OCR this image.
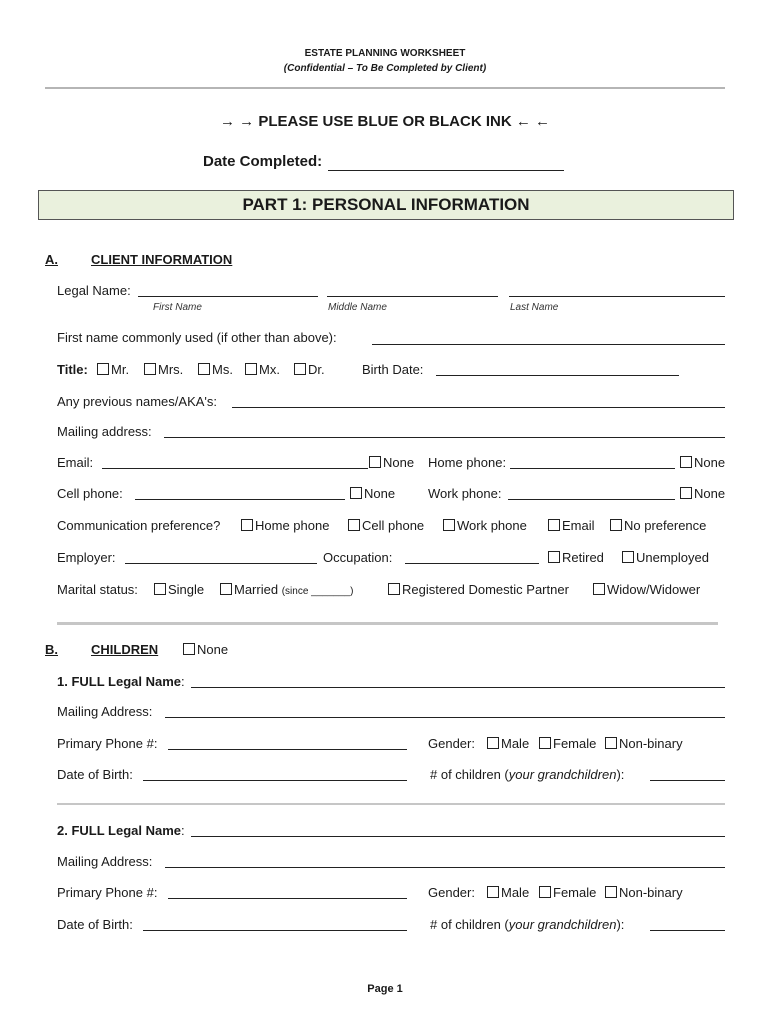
ESTATE PLANNING WORKSHEET
(Confidential – To Be Completed by Client)
→ → PLEASE USE BLUE OR BLACK INK ← ←
Date Completed:
PART 1: PERSONAL INFORMATION
A.	CLIENT INFORMATION
Legal Name:
First Name	Middle Name	Last Name
First name commonly used (if other than above):
Title:	Mr.	Mrs.	Ms.	Mx.	Dr.	Birth Date:
Any previous names/AKA's:
Mailing address:
Email:	None Home phone:	None
Cell phone:	None	Work phone:	None
Communication preference?	Home phone	Cell phone	Work phone	Email	No preference
Employer:	Occupation:	Retired	Unemployed
Marital status:	Single	Married (since _______)	Registered Domestic Partner	Widow/Widower
B.	CHILDREN	None
1. FULL Legal Name:
Mailing Address:
Primary Phone #:	Gender:	Male	Female	Non-binary
Date of Birth:	# of children (your grandchildren):
2. FULL Legal Name:
Mailing Address:
Primary Phone #:	Gender:	Male	Female	Non-binary
Date of Birth:	# of children (your grandchildren):
Page 1
